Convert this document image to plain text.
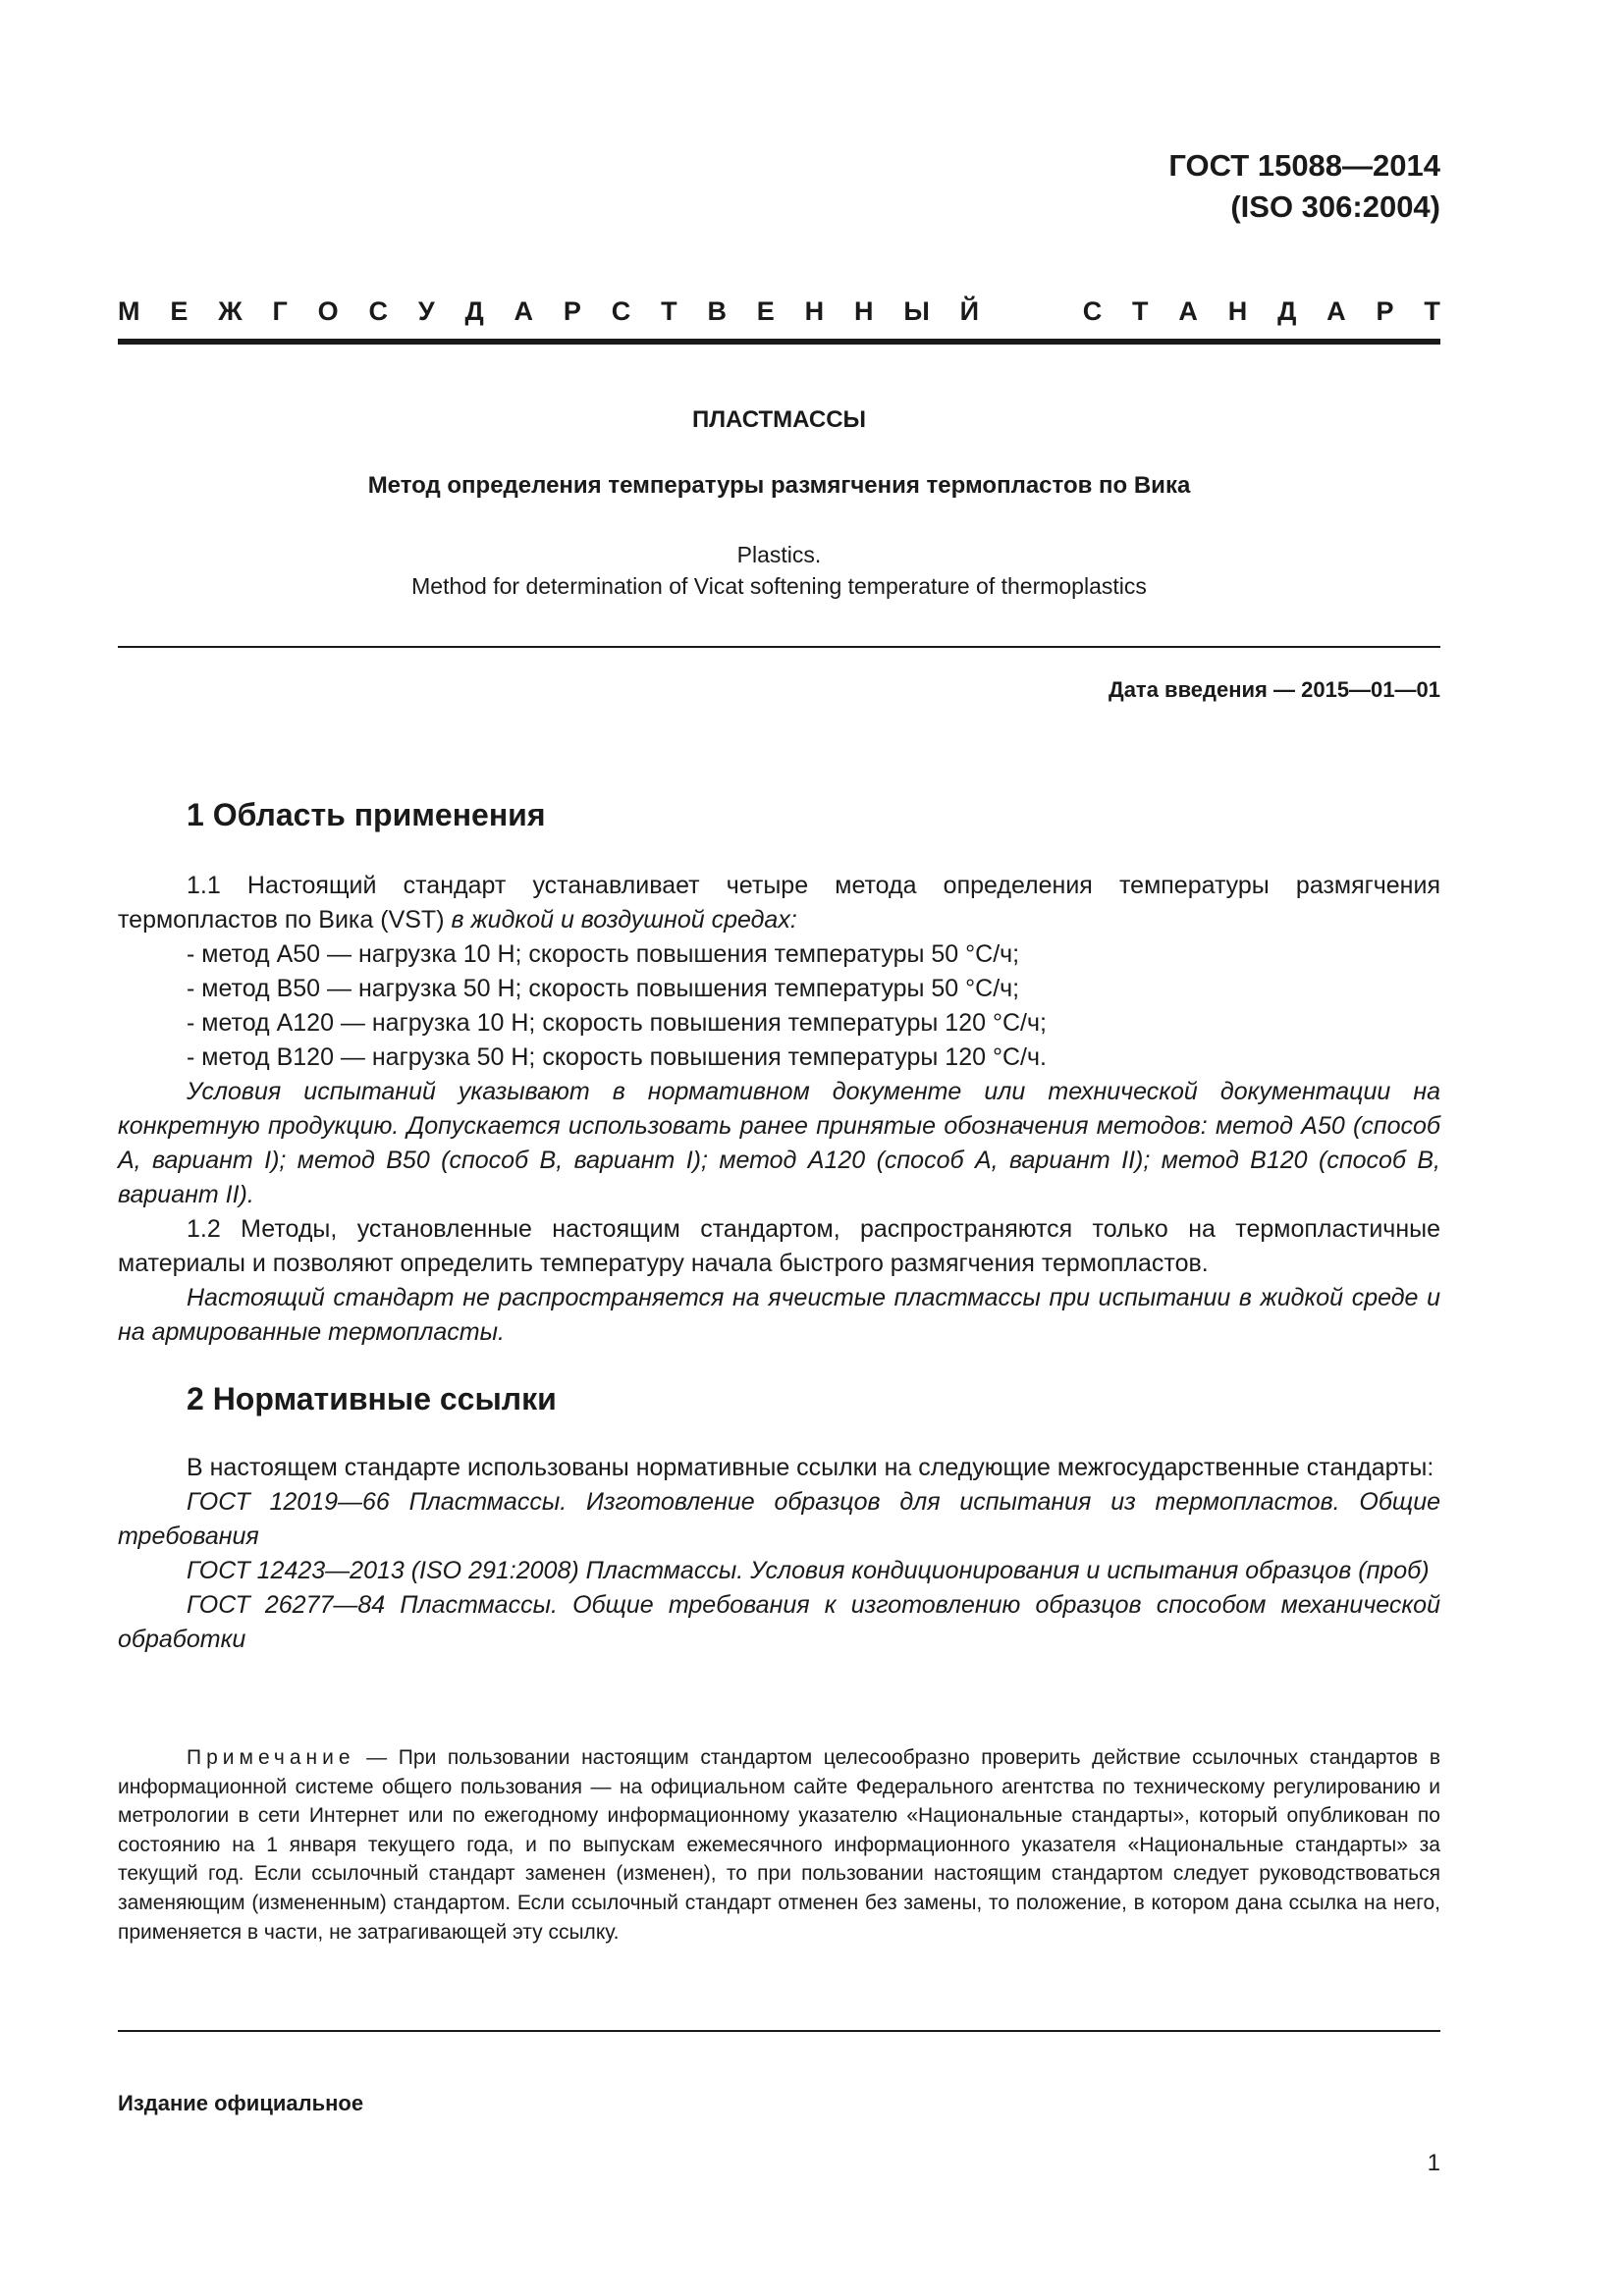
ГОСТ 15088—2014
(ISO 306:2004)
М Е Ж Г О С У Д А Р С Т В Е Н Н Ы Й	С Т А Н Д А Р Т
ПЛАСТМАССЫ
Метод определения температуры размягчения термопластов по Вика
Plastics.
Method for determination of Vicat softening temperature of thermoplastics
Дата введения — 2015—01—01
1 Область применения

1.1 Настоящий стандарт устанавливает четыре метода определения температуры размягчения термопластов по Вика (VST) в жидкой и воздушной средах:

- метод А50 — нагрузка 10 Н; скорость повышения температуры 50 °С/ч;

- метод В50 — нагрузка 50 Н; скорость повышения температуры 50 °С/ч;

- метод А120 — нагрузка 10 Н; скорость повышения температуры 120 °С/ч;

- метод В120 — нагрузка 50 Н; скорость повышения температуры 120 °С/ч.

Условия испытаний указывают в нормативном документе или технической документации на конкретную продукцию. Допускается использовать ранее принятые обозначения методов: метод А50 (способ А, вариант I); метод В50 (способ В, вариант I); метод А120 (способ А, вариант II); метод В120 (способ В, вариант II).

1.2 Методы, установленные настоящим стандартом, распространяются только на термопластичные материалы и позволяют определить температуру начала быстрого размягчения термопластов.

Настоящий стандарт не распространяется на ячеистые пластмассы при испытании в жидкой среде и на армированные термопласты.

2 Нормативные ссылки

В настоящем стандарте использованы нормативные ссылки на следующие межгосударственные стандарты:

ГОСТ 12019—66 Пластмассы. Изготовление образцов для испытания из термопластов. Общие требования

ГОСТ 12423—2013 (ISO 291:2008) Пластмассы. Условия кондиционирования и испытания образцов (проб)

ГОСТ 26277—84 Пластмассы. Общие требования к изготовлению образцов способом механической обработки

Примечание — При пользовании настоящим стандартом целесообразно проверить действие ссылочных стандартов в информационной системе общего пользования — на официальном сайте Федерального агентства по техническому регулированию и метрологии в сети Интернет или по ежегодному информационному указателю «Национальные стандарты», который опубликован по состоянию на 1 января текущего года, и по выпускам ежемесячного информационного указателя «Национальные стандарты» за текущий год. Если ссылочный стандарт заменен (изменен), то при пользовании настоящим стандартом следует руководствоваться заменяющим (измененным) стандартом. Если ссылочный стандарт отменен без замены, то положение, в котором дана ссылка на него, применяется в части, не затрагивающей эту ссылку.

Издание официальное
1
